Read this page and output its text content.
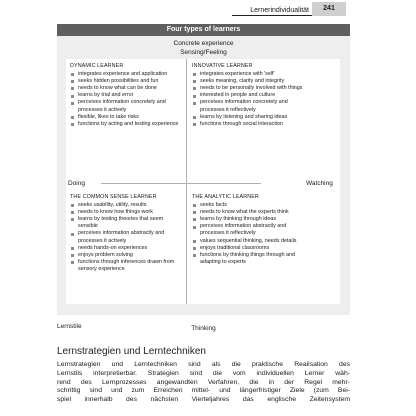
Lernerindividualität	241
Four types of learners
Concrete experience
Sensing/Feeling
Doing	Watching
DYNAMIC LEARNER
integrates experience and application
seeks hidden possibilities and fun
needs to know what can be done
learns by trial and error
perceives information concretely and processes it actively
flexible, likes to take risks
functions by acting and testing experience
INNOVATIVE LEARNER
integrates experience with 'self'
seeks meaning, clarity and integrity
needs to be personally involved with things
interested in people and culture
perceives information concretely and processes it reflectively
learns by listening and sharing ideas
functions through social interaction
THE COMMON SENSE LEARNER
seeks usability, utility, results
needs to know how things work
learns by testing theories that seem sensible
perceives information abstractly and processes it actively
needs hands-on experiences
enjoys problem solving
functions through inferences drawn from sensory experience
THE ANALYTIC LEARNER
seeks facts
needs to know what the experts think
learns by thinking through ideas
perceives information abstractly and processes it reflectively
values sequential thinking, needs details
enjoys traditional classrooms
functions by thinking things through and adapting to experts
Thinking
Lernstile
Lernstrategien und Lerntechniken
Lernstrategien und Lerntechniken sind als die praktische Realisation des
Lernstils interpretierbar. Strategien sind die vom individuellen Lerner wäh-
rend des Lernprozesses angewandten Verfahren, die in der Regel mehr-
schrittig sind und zum Erreichen mittel- und längerfristiger Ziele (zum Bei-
spiel innerhalb des nächsten Vierteljahres das englische Zeitensystem
